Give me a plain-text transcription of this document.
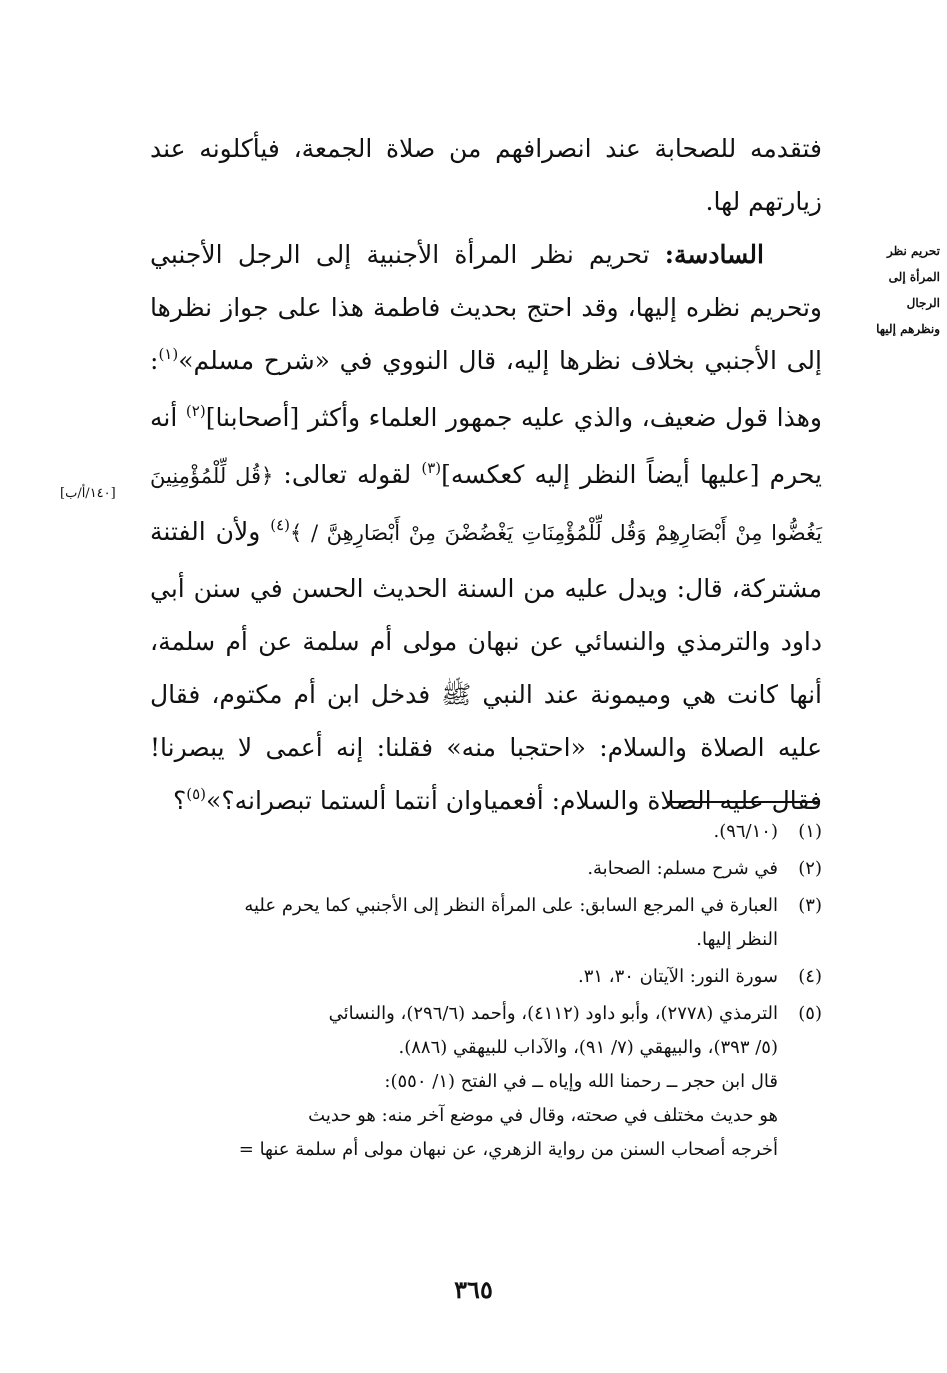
فتقدمه للصحابة عند انصرافهم من صلاة الجمعة، فيأكلونه عند زيارتهم لها.

السادسة: تحريم نظر المرأة الأجنبية إلى الرجل الأجنبي وتحريم نظره إليها، وقد احتج بحديث فاطمة هذا على جواز نظرها إلى الأجنبي بخلاف نظرها إليه، قال النووي في «شرح مسلم»$^{(١)}$: وهذا قول ضعيف، والذي عليه جمهور العلماء وأكثر [أصحابنا]$^{(٢)}$ أنه يحرم [عليها أيضاً النظر إليه كعكسه]$^{(٣)}$ لقوله تعالى: ﴿قُل لِّلْمُؤْمِنِينَ يَغُضُّوا مِنْ أَبْصَارِهِمْ وَقُل لِّلْمُؤْمِنَاتِ يَغْضُضْنَ مِنْ أَبْصَارِهِنَّ / ﴾$^{(٤)}$ ولأن الفتنة مشتركة، قال: ويدل عليه من السنة الحديث الحسن في سنن أبي داود والترمذي والنسائي عن نبهان مولى أم سلمة عن أم سلمة، أنها كانت هي وميمونة عند النبي ﷺ فدخل ابن أم مكتوم، فقال عليه الصلاة والسلام: «احتجبا منه» فقلنا: إنه أعمى لا يبصرنا! فقال عليه الصلاة والسلام: أفعمياوان أنتما ألستما تبصرانه؟»$^{(٥)}$؟

تحريم نظر
المرأة إلى
الرجال
ونظرهم إليها
[١٤٠/أ/ب]
(١)
(٩٦/١٠).
(٢)
في شرح مسلم: الصحابة.
(٣)
العبارة في المرجع السابق: على المرأة النظر إلى الأجنبي كما يحرم عليه
النظر إليها.
(٤)
سورة النور: الآيتان ٣٠، ٣١.
(٥)
الترمذي (٢٧٧٨)، وأبو داود (٤١١٢)، وأحمد (٢٩٦/٦)، والنسائي
(٥/ ٣٩٣)، والبيهقي (٧/ ٩١)، والآداب للبيهقي (٨٨٦).
قال ابن حجر ــ رحمنا الله وإياه ــ في الفتح (١/ ٥٥٠):
هو حديث مختلف في صحته، وقال في موضع آخر منه: هو حديث
أخرجه أصحاب السنن من رواية الزهري، عن نبهان مولى أم سلمة عنها =
٣٦٥
